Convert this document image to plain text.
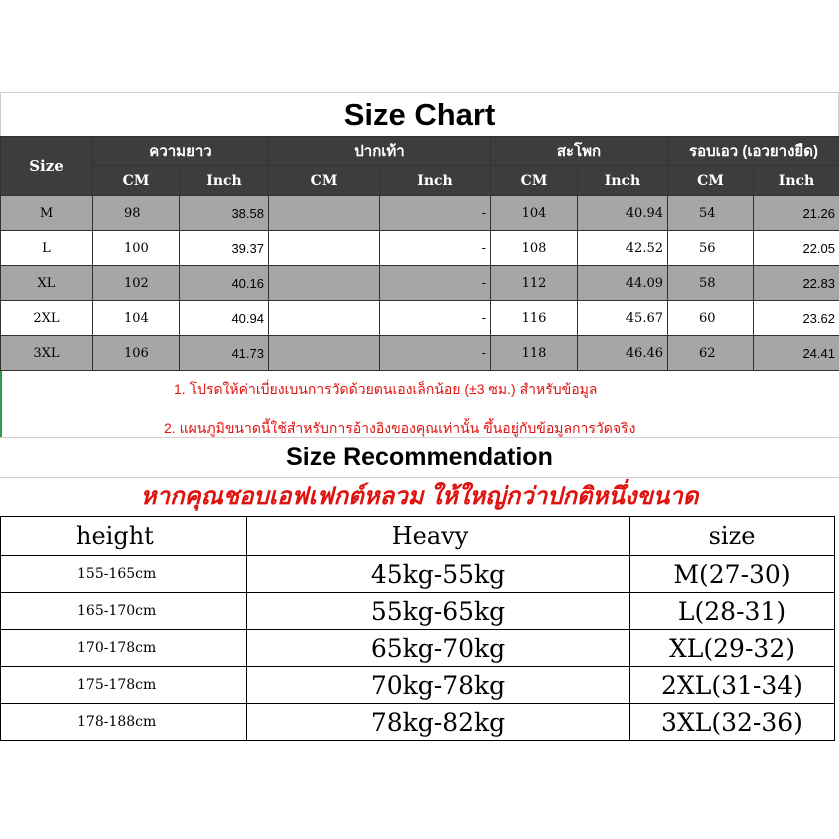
Size Chart
Size	ความยาว		ปากเท้า		สะโพก		รอบเอว (เอวยางยืด)	
	CM	Inch	CM	Inch	CM	Inch	CM	Inch
M	98	38.58		-	104	40.94	54	21.26
L	100	39.37		-	108	42.52	56	22.05
XL	102	40.16		-	112	44.09	58	22.83
2XL	104	40.94		-	116	45.67	60	23.62
3XL	106	41.73		-	118	46.46	62	24.41
1. โปรดให้ค่าเบี่ยงเบนการวัดด้วยตนเองเล็กน้อย (±3 ซม.) สำหรับข้อมูล
2. แผนภูมิขนาดนี้ใช้สำหรับการอ้างอิงของคุณเท่านั้น ขึ้นอยู่กับข้อมูลการวัดจริง
Size Recommendation
หากคุณชอบเอฟเฟกต์หลวม ให้ใหญ่กว่าปกติหนึ่งขนาด
height	Heavy	size
155-165cm	45kg-55kg	M(27-30)
165-170cm	55kg-65kg	L(28-31)
170-178cm	65kg-70kg	XL(29-32)
175-178cm	70kg-78kg	2XL(31-34)
178-188cm	78kg-82kg	3XL(32-36)
